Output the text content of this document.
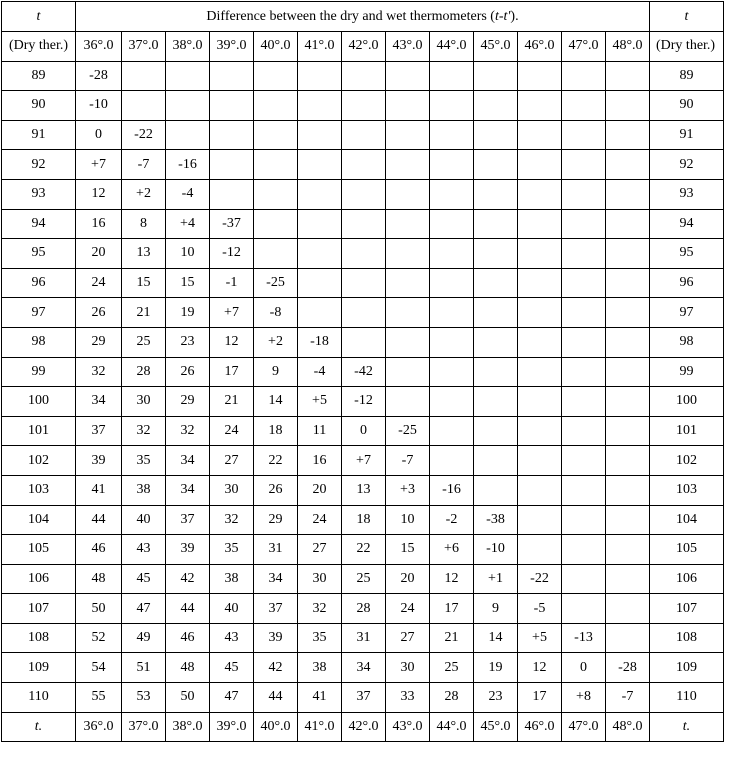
t	Difference between the dry and wet thermometers (t-t').													t
(Dry ther.)	36°.0	37°.0	38°.0	39°.0	40°.0	41°.0	42°.0	43°.0	44°.0	45°.0	46°.0	47°.0	48°.0	(Dry ther.)
89	-28													89
90	-10													90
91	0	-22												91
92	+7	-7	-16											92
93	12	+2	-4											93
94	16	8	+4	-37										94
95	20	13	10	-12										95
96	24	15	15	-1	-25									96
97	26	21	19	+7	-8									97
98	29	25	23	12	+2	-18								98
99	32	28	26	17	9	-4	-42							99
100	34	30	29	21	14	+5	-12							100
101	37	32	32	24	18	11	0	-25						101
102	39	35	34	27	22	16	+7	-7						102
103	41	38	34	30	26	20	13	+3	-16					103
104	44	40	37	32	29	24	18	10	-2	-38				104
105	46	43	39	35	31	27	22	15	+6	-10				105
106	48	45	42	38	34	30	25	20	12	+1	-22			106
107	50	47	44	40	37	32	28	24	17	9	-5			107
108	52	49	46	43	39	35	31	27	21	14	+5	-13		108
109	54	51	48	45	42	38	34	30	25	19	12	0	-28	109
110	55	53	50	47	44	41	37	33	28	23	17	+8	-7	110
t.	36°.0	37°.0	38°.0	39°.0	40°.0	41°.0	42°.0	43°.0	44°.0	45°.0	46°.0	47°.0	48°.0	t.
